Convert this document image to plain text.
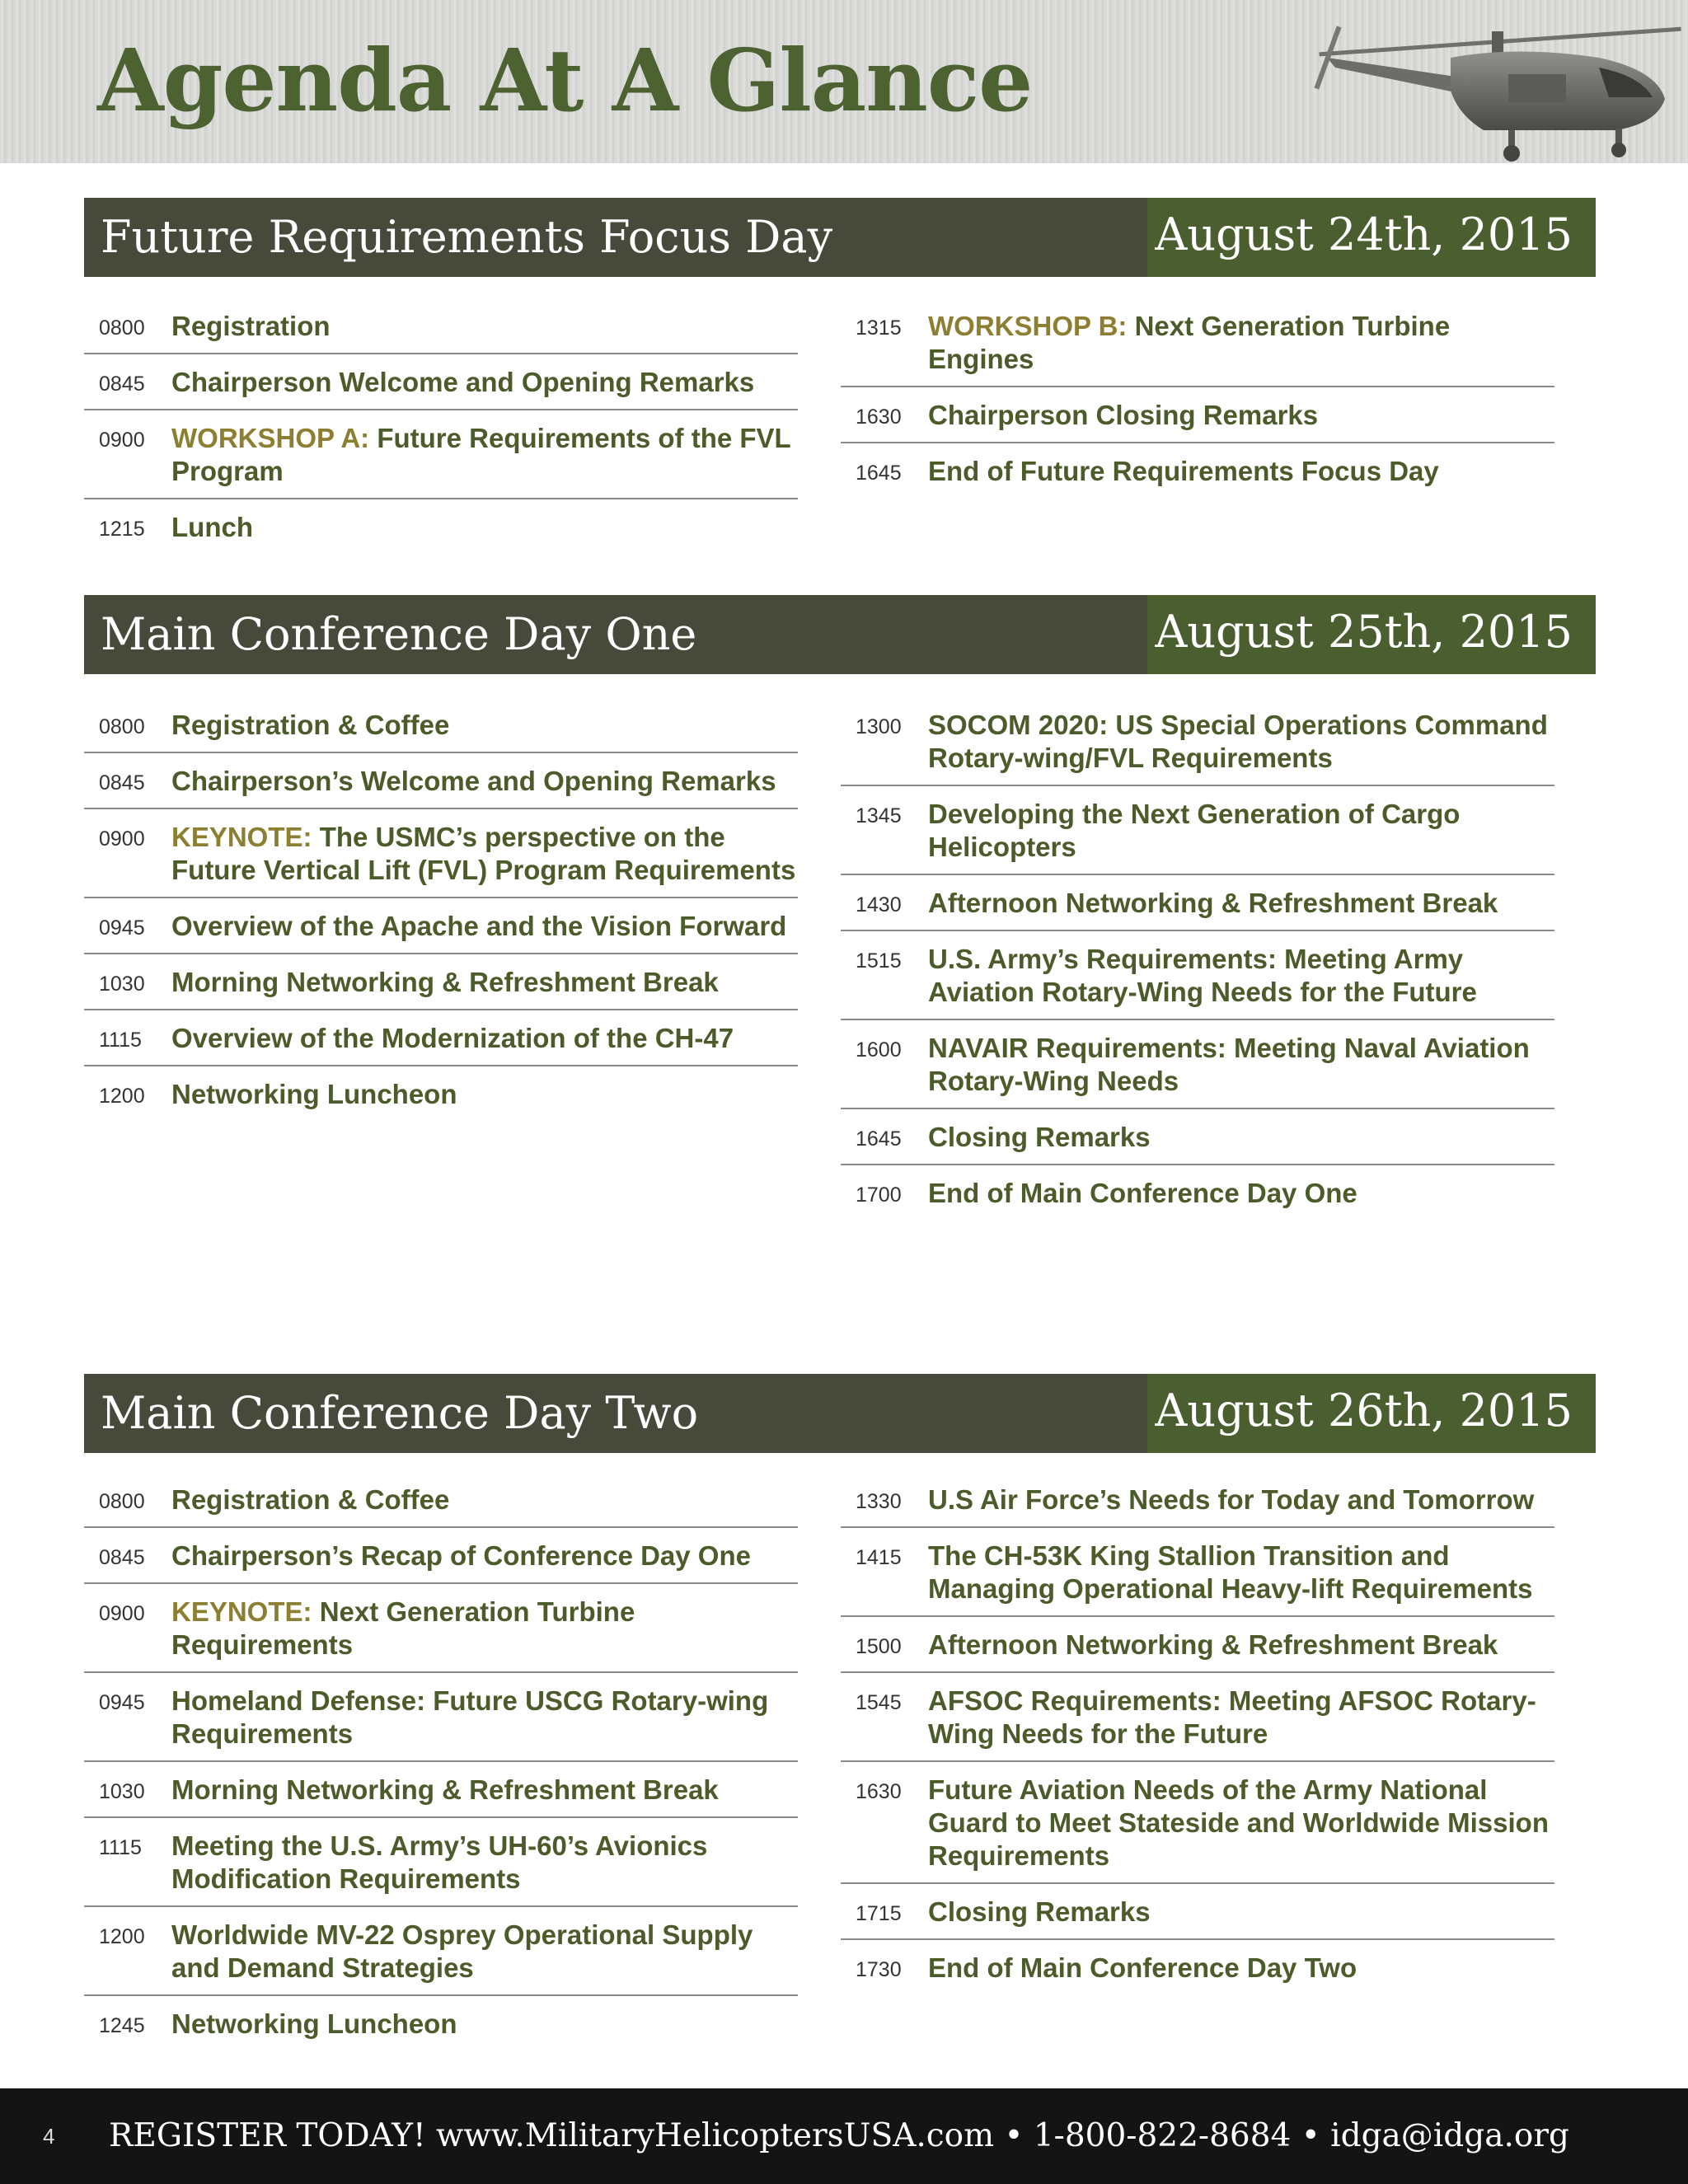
Agenda At A Glance
Future Requirements Focus Day	August 24th, 2015
0800 Registration
0845 Chairperson Welcome and Opening Remarks
0900 WORKSHOP A: Future Requirements of the FVL Program
1215 Lunch
1315 WORKSHOP B: Next Generation Turbine Engines
1630 Chairperson Closing Remarks
1645 End of Future Requirements Focus Day
Main Conference Day One	August 25th, 2015
0800 Registration & Coffee
0845 Chairperson’s Welcome and Opening Remarks
0900 KEYNOTE: The USMC’s perspective on the Future Vertical Lift (FVL) Program Requirements
0945 Overview of the Apache and the Vision Forward
1030 Morning Networking & Refreshment Break
1115	Overview of the Modernization of the CH-47
1200 Networking Luncheon
1300 SOCOM 2020: US Special Operations Command Rotary-wing/FVL Requirements
1345 Developing the Next Generation of Cargo Helicopters
1430 Afternoon Networking & Refreshment Break
1515 U.S. Army’s Requirements: Meeting Army Aviation Rotary-Wing Needs for the Future
1600 NAVAIR Requirements: Meeting Naval Aviation Rotary-Wing Needs
1645 Closing Remarks
1700 End of Main Conference Day One
Main Conference Day Two	August 26th, 2015
0800 Registration & Coffee
0845 Chairperson’s Recap of Conference Day One
0900 KEYNOTE: Next Generation Turbine Requirements
0945 Homeland Defense: Future USCG Rotary-wing Requirements
1030 Morning Networking & Refreshment Break
1115	Meeting the U.S. Army’s UH-60’s Avionics Modification Requirements
1200 Worldwide MV-22 Osprey Operational Supply and Demand Strategies
1245 Networking Luncheon
1330 U.S Air Force’s Needs for Today and Tomorrow
1415 The CH-53K King Stallion Transition and Managing Operational Heavy-lift Requirements
1500 Afternoon Networking & Refreshment Break
1545 AFSOC Requirements: Meeting AFSOC Rotary-Wing Needs for the Future
1630 Future Aviation Needs of the Army National Guard to Meet Stateside and Worldwide Mission Requirements
1715 Closing Remarks
1730 End of Main Conference Day Two
4 REGISTER TODAY! www.MilitaryHelicoptersUSA.com • 1-800-822-8684 • idga@idga.org
